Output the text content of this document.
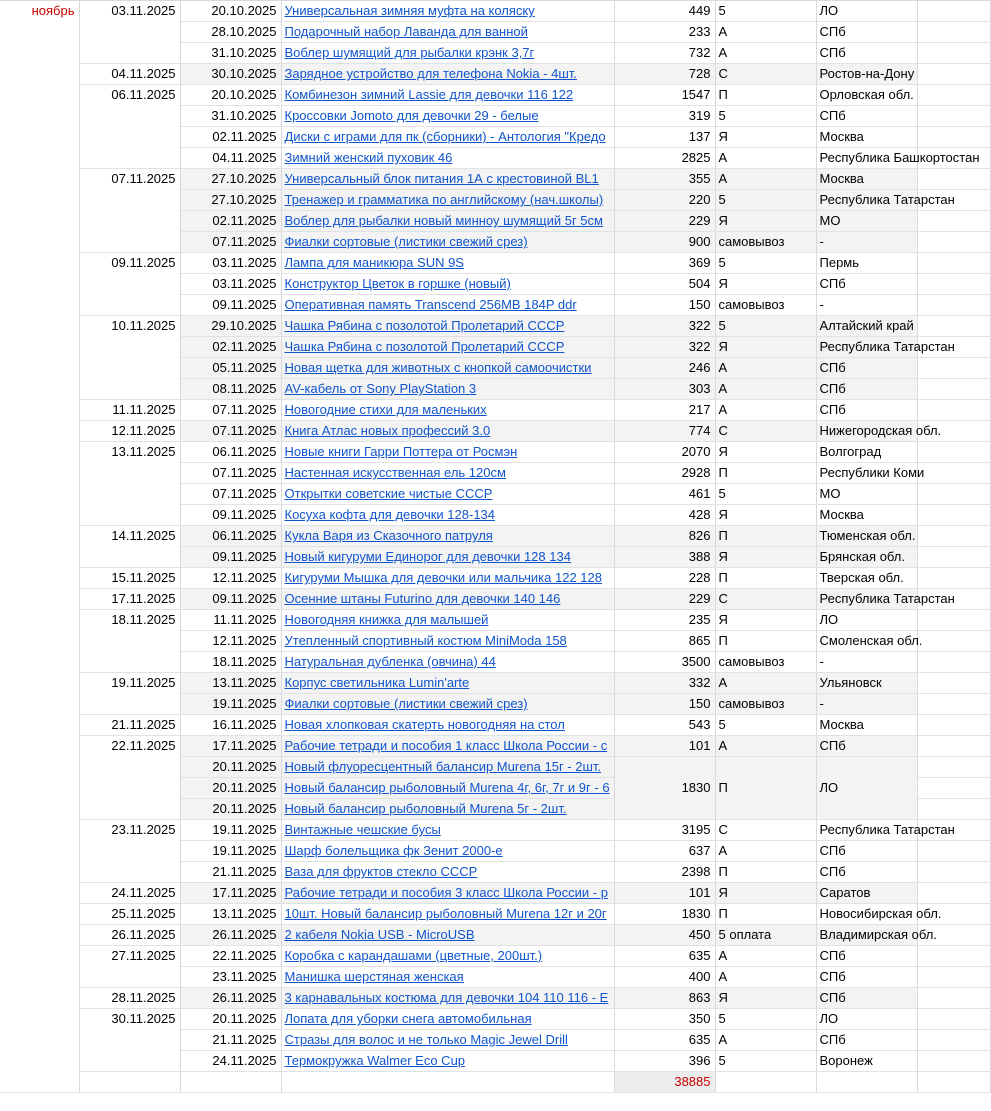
ноябрь	03.11.2025	20.10.2025	Универсальная зимняя муфта на коляску	449	5	ЛО	
		28.10.2025	Подарочный набор Лаванда для ванной	233	А	СПб	
		31.10.2025	Воблер шумящий для рыбалки крэнк 3,7г	732	А	СПб	
	04.11.2025	30.10.2025	Зарядное устройство для телефона Nokia - 4шт.	728	С	Ростов-на-Дону	
	06.11.2025	20.10.2025	Комбинезон зимний Lassie для девочки 116 122	1547	П	Орловская обл.	
		31.10.2025	Кроссовки Jomoto для девочки 29 - белые	319	5	СПб	
		02.11.2025	Диски с играми для пк (сборники) - Антология "Кредо	137	Я	Москва	
		04.11.2025	Зимний женский пуховик 46	2825	А	Республика Башкортостан	
	07.11.2025	27.10.2025	Универсальный блок питания 1А с крестовиной BL1	355	А	Москва	
		27.10.2025	Тренажер и грамматика по английскому (нач.школы)	220	5	Республика Татарстан	
		02.11.2025	Воблер для рыбалки новый минноу шумящий 5г 5см	229	Я	МО	
		07.11.2025	Фиалки сортовые (листики свежий срез)	900	самовывоз	-	
	09.11.2025	03.11.2025	Лампа для маникюра SUN 9S	369	5	Пермь	
		03.11.2025	Конструктор Цветок в горшке (новый)	504	Я	СПб	
		09.11.2025	Оперативная память Transcend 256MB 184P ddr	150	самовывоз	-	
	10.11.2025	29.10.2025	Чашка Рябина с позолотой Пролетарий СССР	322	5	Алтайский край	
		02.11.2025	Чашка Рябина с позолотой Пролетарий СССР	322	Я	Республика Татарстан	
		05.11.2025	Новая щетка для животных с кнопкой самоочистки	246	А	СПб	
		08.11.2025	AV-кабель от Sony PlayStation 3	303	А	СПб	
	11.11.2025	07.11.2025	Новогодние стихи для маленьких	217	А	СПб	
	12.11.2025	07.11.2025	Книга Атлас новых профессий 3.0	774	С	Нижегородская обл.	
	13.11.2025	06.11.2025	Новые книги Гарри Поттера от Росмэн	2070	Я	Волгоград	
		07.11.2025	Настенная искусственная ель 120см	2928	П	Республики Коми	
		07.11.2025	Открытки советские чистые СССР	461	5	МО	
		09.11.2025	Косуха кофта для девочки 128-134	428	Я	Москва	
	14.11.2025	06.11.2025	Кукла Варя из Сказочного патруля	826	П	Тюменская обл.	
		09.11.2025	Новый кигуруми Единорог для девочки 128 134	388	Я	Брянская обл.	
	15.11.2025	12.11.2025	Кигуруми Мышка для девочки или мальчика 122 128	228	П	Тверская обл.	
	17.11.2025	09.11.2025	Осенние штаны Futurino для девочки 140 146	229	С	Республика Татарстан	
	18.11.2025	11.11.2025	Новогодняя книжка для малышей	235	Я	ЛО	
		12.11.2025	Утепленный спортивный костюм MiniModa 158	865	П	Смоленская обл.	
		18.11.2025	Натуральная дубленка (овчина) 44	3500	самовывоз	-	
	19.11.2025	13.11.2025	Корпус светильника Lumin'arte	332	А	Ульяновск	
		19.11.2025	Фиалки сортовые (листики свежий срез)	150	самовывоз	-	
	21.11.2025	16.11.2025	Новая хлопковая скатерть новогодняя на стол	543	5	Москва	
	22.11.2025	17.11.2025	Рабочие тетради и пособия 1 класс Школа России - с	101	А	СПб	
		20.11.2025	Новый флуоресцентный балансир Murena 15г - 2шт.	1830	П	ЛО	
		20.11.2025	Новый балансир рыболовный Murena 4г, 6г, 7г и 9г - 6				
		20.11.2025	Новый балансир рыболовный Murena 5г - 2шт.				
	23.11.2025	19.11.2025	Винтажные чешские бусы	3195	С	Республика Татарстан	
		19.11.2025	Шарф болельщика фк Зенит 2000-е	637	А	СПб	
		21.11.2025	Ваза для фруктов стекло СССР	2398	П	СПб	
	24.11.2025	17.11.2025	Рабочие тетради и пособия 3 класс Школа России - р	101	Я	Саратов	
	25.11.2025	13.11.2025	10шт. Новый балансир рыболовный Murena 12г и 20г	1830	П	Новосибирская обл.	
	26.11.2025	26.11.2025	2 кабеля Nokia USB - MicroUSB	450	5 оплата	Владимирская обл.	
	27.11.2025	22.11.2025	Коробка с карандашами (цветные, 200шт.)	635	А	СПб	
		23.11.2025	Манишка шерстяная женская	400	А	СПб	
	28.11.2025	26.11.2025	3 карнавальных костюма для девочки 104 110 116 - Е	863	Я	СПб	
	30.11.2025	20.11.2025	Лопата для уборки снега автомобильная	350	5	ЛО	
		21.11.2025	Стразы для волос и не только Magic Jewel Drill	635	А	СПб	
		24.11.2025	Термокружка Walmer Eco Cup	396	5	Воронеж	
				38885			
